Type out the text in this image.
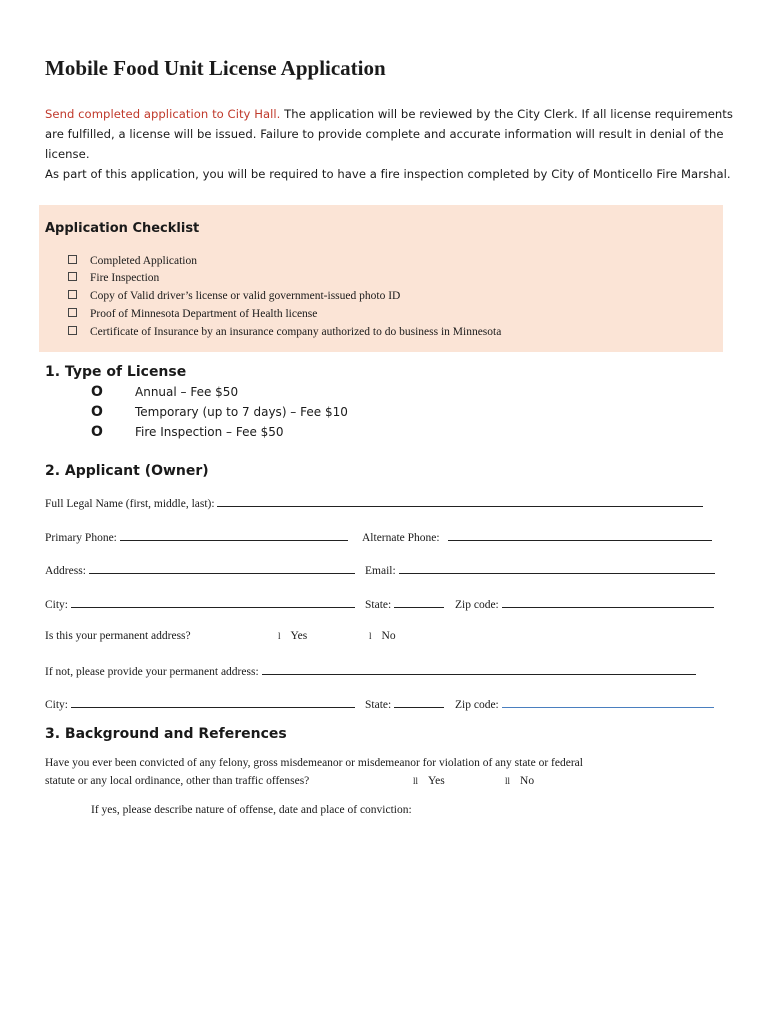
Mobile Food Unit License Application
Send completed application to City Hall. The application will be reviewed by the City Clerk. If all license requirements are fulfilled, a license will be issued. Failure to provide complete and accurate information will result in denial of the license.
As part of this application, you will be required to have a fire inspection completed by City of Monticello Fire Marshal.
Application Checklist
Completed Application
Fire Inspection
Copy of Valid driver’s license or valid government-issued photo ID
Proof of Minnesota Department of Health license
Certificate of Insurance by an insurance company authorized to do business in Minnesota
1. Type of License
O	Annual – Fee $50
O	Temporary (up to 7 days) – Fee $10
O	Fire Inspection – Fee $50
2. Applicant (Owner)
Full Legal Name (first, middle, last):
Primary Phone:	Alternate Phone:
Address:	Email:
City:	State:	Zip code:
Is this your permanent address?	l Yes	l No
If not, please provide your permanent address:
City:	State:	Zip code:
3. Background and References
Have you ever been convicted of any felony, gross misdemeanor or misdemeanor for violation of any state or federal
statute or any local ordinance, other than traffic offenses?	ll Yes	ll No
If yes, please describe nature of offense, date and place of conviction:
